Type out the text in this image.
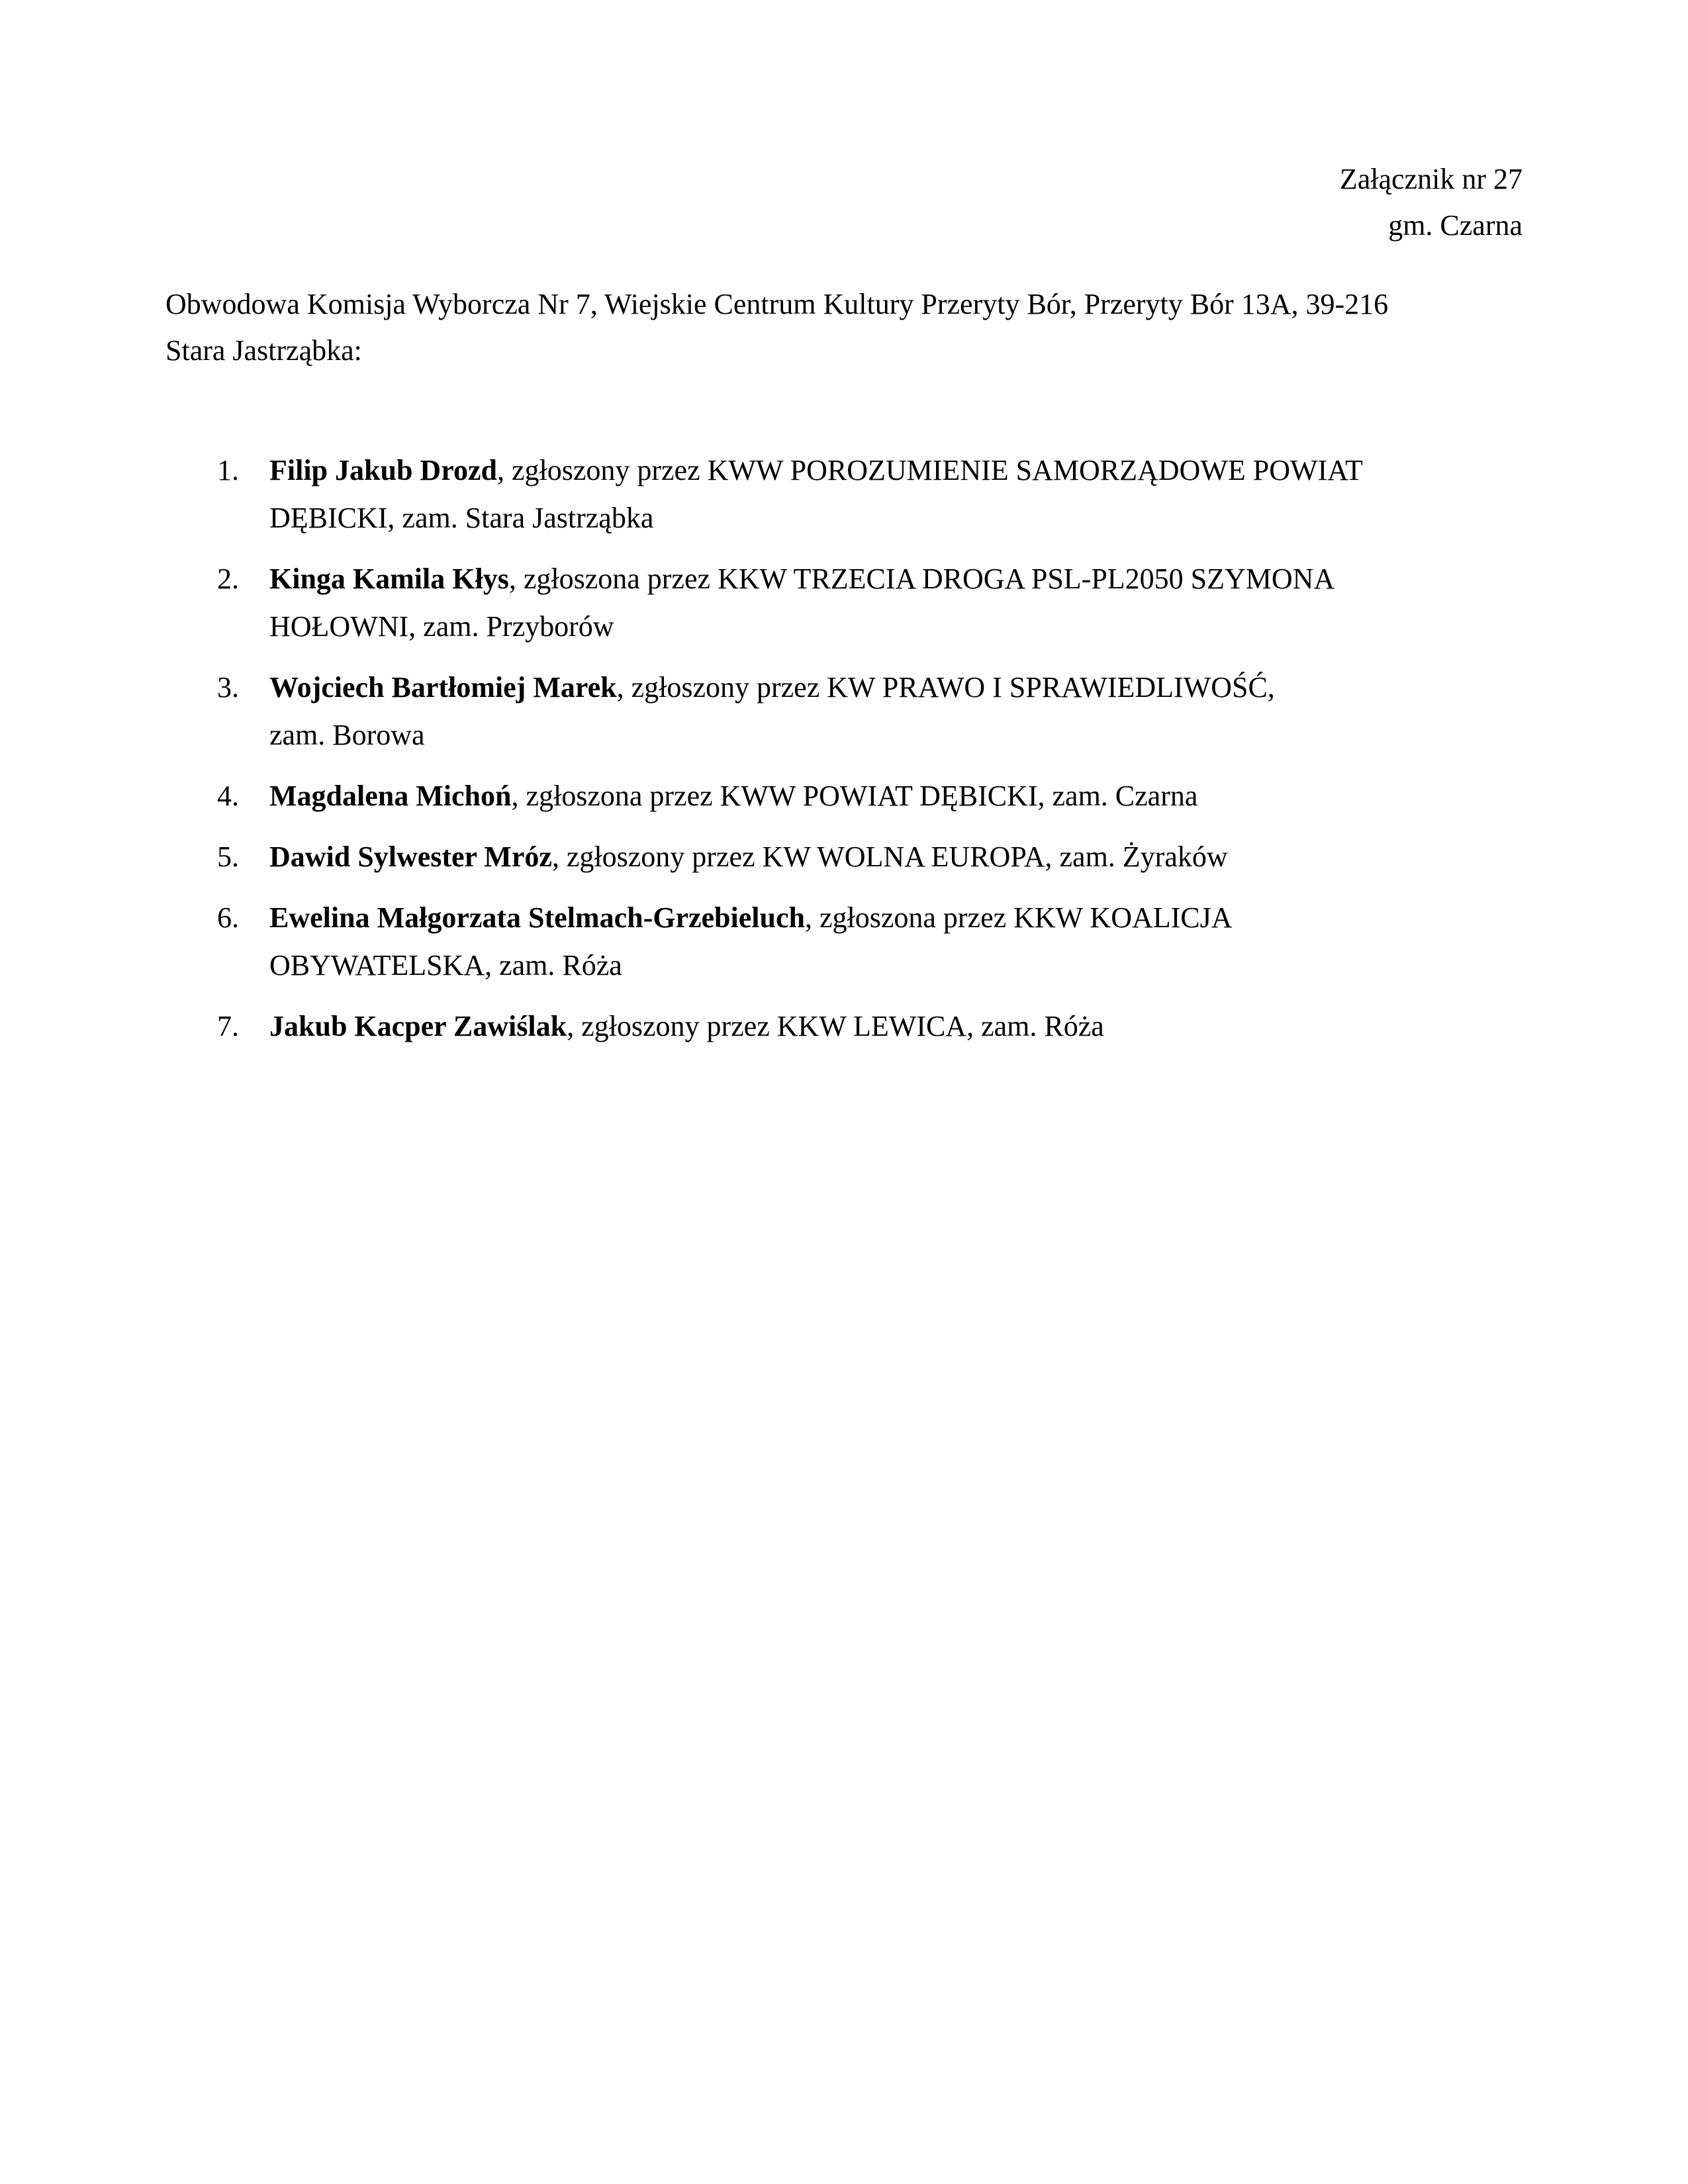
Załącznik nr 27
gm. Czarna
Obwodowa Komisja Wyborcza Nr 7, Wiejskie Centrum Kultury Przeryty Bór, Przeryty Bór 13A, 39-216
Stara Jastrząbka:
1. Filip Jakub Drozd, zgłoszony przez KWW POROZUMIENIE SAMORZĄDOWE POWIAT
DĘBICKI, zam. Stara Jastrząbka
2. Kinga Kamila Kłys, zgłoszona przez KKW TRZECIA DROGA PSL-PL2050 SZYMONA
HOŁOWNI, zam. Przyborów
3. Wojciech Bartłomiej Marek, zgłoszony przez KW PRAWO I SPRAWIEDLIWOŚĆ,
zam. Borowa
4. Magdalena Michoń, zgłoszona przez KWW POWIAT DĘBICKI, zam. Czarna
5. Dawid Sylwester Mróz, zgłoszony przez KW WOLNA EUROPA, zam. Żyraków
6. Ewelina Małgorzata Stelmach-Grzebieluch, zgłoszona przez KKW KOALICJA
OBYWATELSKA, zam. Róża
7. Jakub Kacper Zawiślak, zgłoszony przez KKW LEWICA, zam. Róża
